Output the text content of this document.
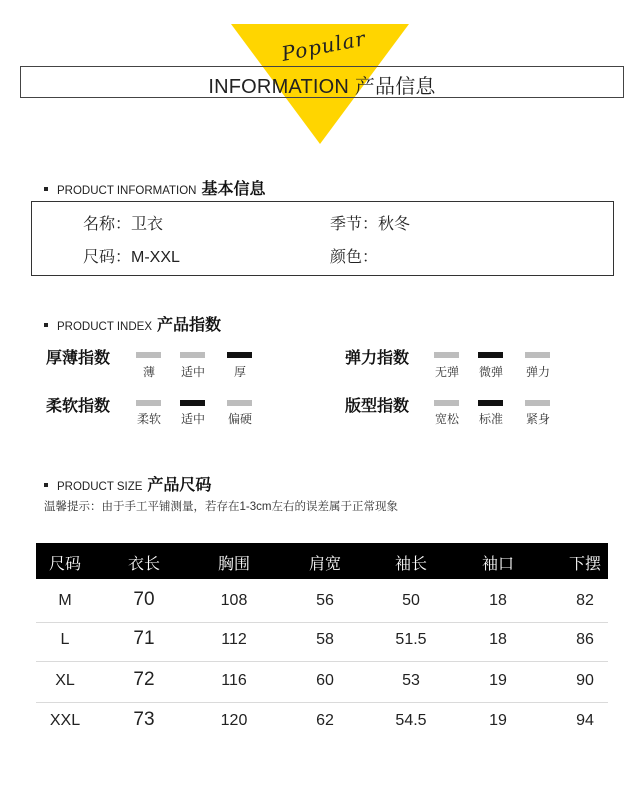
Popular
INFORMATION 产品信息
PRODUCT INFORMATION 基本信息
名称：卫衣	季节：秋冬
尺码：M-XXL	颜色：
PRODUCT INDEX 产品指数
厚薄指数
薄	适中	厚
弹力指数
无弹	微弹	弹力
柔软指数
柔软	适中	偏硬
版型指数
宽松	标准	紧身
PRODUCT SIZE 产品尺码
温馨提示：由于手工平铺测量，若存在1-3cm左右的误差属于正常现象
尺码	衣长	胸围	肩宽	袖长	袖口	下摆
M	70	108	56	50	18	82
L	71	112	58	51.5	18	86
XL	72	116	60	53	19	90
XXL	73	120	62	54.5	19	94
